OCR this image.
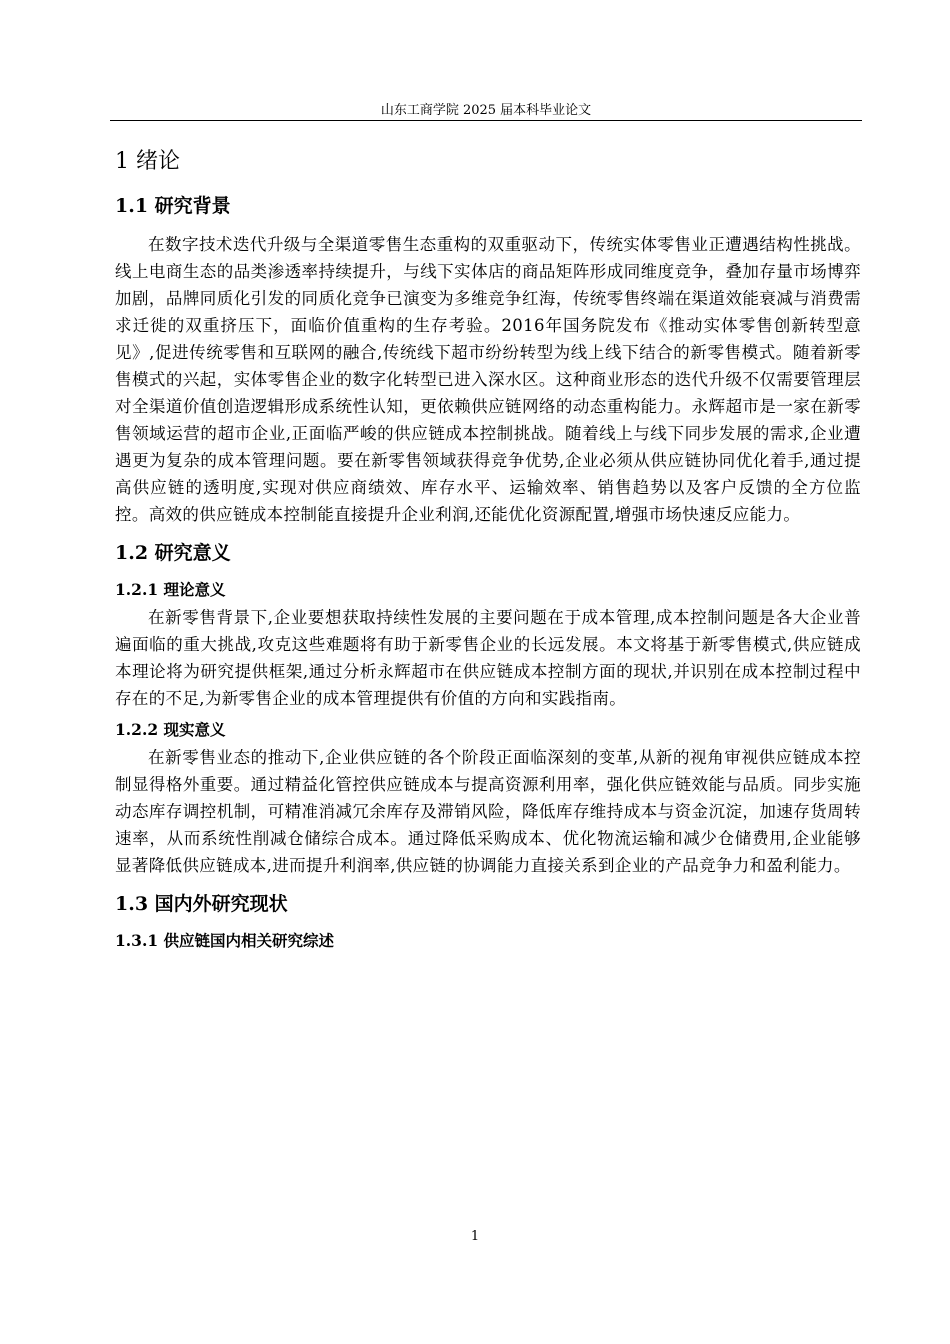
山东工商学院 2025 届本科毕业论文
1 绪论
1.1 研究背景

在数字技术迭代升级与全渠道零售生态重构的双重驱动下，传统实体零售业正遭遇结构性挑战。线上电商生态的品类渗透率持续提升，与线下实体店的商品矩阵形成同维度竞争，叠加存量市场博弈加剧，品牌同质化引发的同质化竞争已演变为多维竞争红海，传统零售终端在渠道效能衰减与消费需求迁徙的双重挤压下，面临价值重构的生存考验。2016年国务院发布《推动实体零售创新转型意见》,促进传统零售和互联网的融合,传统线下超市纷纷转型为线上线下结合的新零售模式。随着新零售模式的兴起，实体零售企业的数字化转型已进入深水区。这种商业形态的迭代升级不仅需要管理层对全渠道价值创造逻辑形成系统性认知，更依赖供应链网络的动态重构能力。永辉超市是一家在新零售领域运营的超市企业,正面临严峻的供应链成本控制挑战。随着线上与线下同步发展的需求,企业遭遇更为复杂的成本管理问题。要在新零售领域获得竞争优势,企业必须从供应链协同优化着手,通过提高供应链的透明度,实现对供应商绩效、库存水平、运输效率、销售趋势以及客户反馈的全方位监控。高效的供应链成本控制能直接提升企业利润,还能优化资源配置,增强市场快速反应能力。

1.2 研究意义
1.2.1 理论意义

在新零售背景下,企业要想获取持续性发展的主要问题在于成本管理,成本控制问题是各大企业普遍面临的重大挑战,攻克这些难题将有助于新零售企业的长远发展。本文将基于新零售模式,供应链成本理论将为研究提供框架,通过分析永辉超市在供应链成本控制方面的现状,并识别在成本控制过程中存在的不足,为新零售企业的成本管理提供有价值的方向和实践指南。

1.2.2 现实意义

在新零售业态的推动下,企业供应链的各个阶段正面临深刻的变革,从新的视角审视供应链成本控制显得格外重要。通过精益化管控供应链成本与提高资源利用率，强化供应链效能与品质。同步实施动态库存调控机制，可精准消减冗余库存及滞销风险，降低库存维持成本与资金沉淀，加速存货周转速率，从而系统性削减仓储综合成本。通过降低采购成本、优化物流运输和减少仓储费用,企业能够显著降低供应链成本,进而提升利润率,供应链的协调能力直接关系到企业的产品竞争力和盈利能力。

1.3 国内外研究现状
1.3.1 供应链国内相关研究综述
1
